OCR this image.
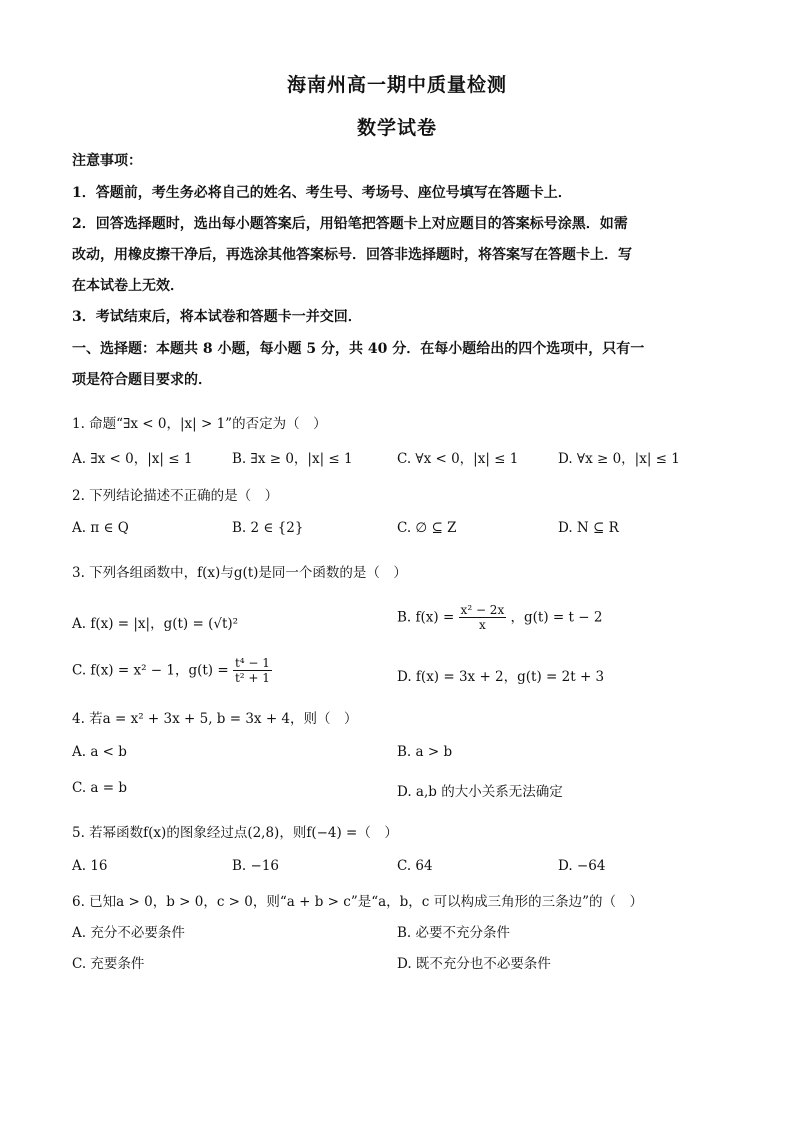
海南州高一期中质量检测
数学试卷
注意事项：
1．答题前，考生务必将自己的姓名、考生号、考场号、座位号填写在答题卡上．
2．回答选择题时，选出每小题答案后，用铅笔把答题卡上对应题目的答案标号涂黑．如需
改动，用橡皮擦干净后，再选涂其他答案标号．回答非选择题时，将答案写在答题卡上．写
在本试卷上无效．
3．考试结束后，将本试卷和答题卡一并交回．
一、选择题：本题共 8 小题，每小题 5 分，共 40 分．在每小题给出的四个选项中，只有一
项是符合题目要求的．
1. 命题“∃x < 0，|x| > 1”的否定为（　）
A. ∃x < 0，|x| ≤ 1	B. ∃x ≥ 0，|x| ≤ 1	C. ∀x < 0，|x| ≤ 1	D. ∀x ≥ 0，|x| ≤ 1
2. 下列结论描述不正确的是（　）
A. π ∈ Q	B. 2 ∈ {2}	C. ∅ ⊆ Z	D. N ⊆ R
3. 下列各组函数中，f(x)与g(t)是同一个函数的是（　）
A. f(x) = |x|，g(t) = (√t)²	B. $f(x) = \frac{\text{x² − 2x}}{x}$ ，g(t) = t − 2
C. f(x) = x² − 1，$g(t) = \frac{\text{t⁴ − 1}}{\text{t² + 1}}$	D. f(x) = 3x + 2，g(t) = 2t + 3
4. 若a = x² + 3x + 5, b = 3x + 4，则（　）
A. a < b	B. a > b
C. a = b	D. a,b 的大小关系无法确定
5. 若幂函数f(x)的图象经过点(2,8)，则f(−4) =（　）
A. 16	B. −16	C. 64	D. −64
6. 已知a > 0，b > 0，c > 0，则“a + b > c”是“a，b，c 可以构成三角形的三条边”的（　）
A. 充分不必要条件	B. 必要不充分条件
C. 充要条件	D. 既不充分也不必要条件
